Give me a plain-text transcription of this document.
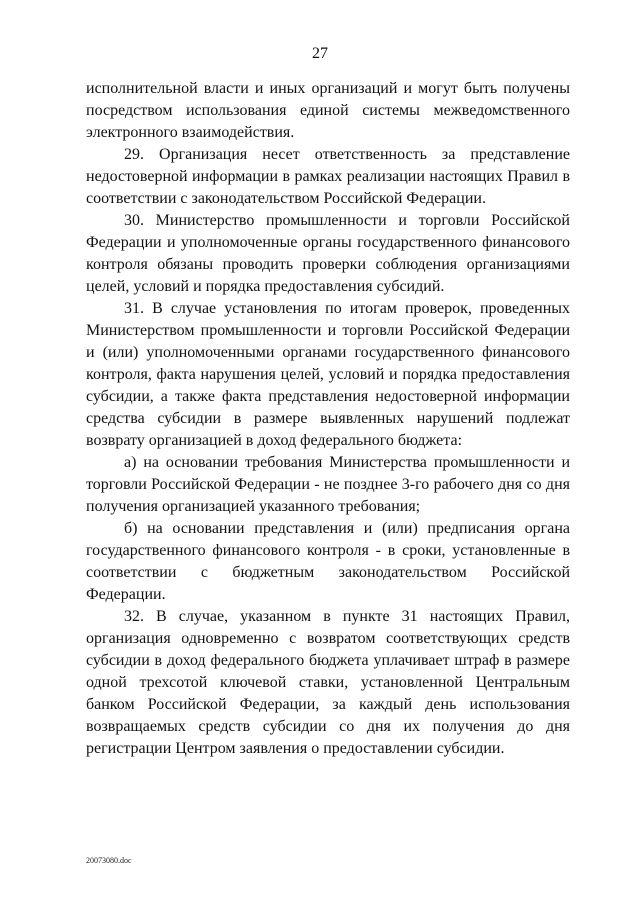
27

исполнительной власти и иных организаций и могут быть получены посредством использования единой системы межведомственного электронного взаимодействия.

29. Организация несет ответственность за представление недостоверной информации в рамках реализации настоящих Правил в соответствии с законодательством Российской Федерации.

30. Министерство промышленности и торговли Российской Федерации и уполномоченные органы государственного финансового контроля обязаны проводить проверки соблюдения организациями целей, условий и порядка предоставления субсидий.

31. В случае установления по итогам проверок, проведенных Министерством промышленности и торговли Российской Федерации и (или) уполномоченными органами государственного финансового контроля, факта нарушения целей, условий и порядка предоставления субсидии, а также факта представления недостоверной информации средства субсидии в размере выявленных нарушений подлежат возврату организацией в доход федерального бюджета:

а) на основании требования Министерства промышленности и торговли Российской Федерации - не позднее 3-го рабочего дня со дня получения организацией указанного требования;

б) на основании представления и (или) предписания органа государственного финансового контроля - в сроки, установленные в соответствии с бюджетным законодательством Российской Федерации.

32. В случае, указанном в пункте 31 настоящих Правил, организация одновременно с возвратом соответствующих средств субсидии в доход федерального бюджета уплачивает штраф в размере одной трехсотой ключевой ставки, установленной Центральным банком Российской Федерации, за каждый день использования возвращаемых средств субсидии со дня их получения до дня регистрации Центром заявления о предоставлении субсидии.

20073080.doc
